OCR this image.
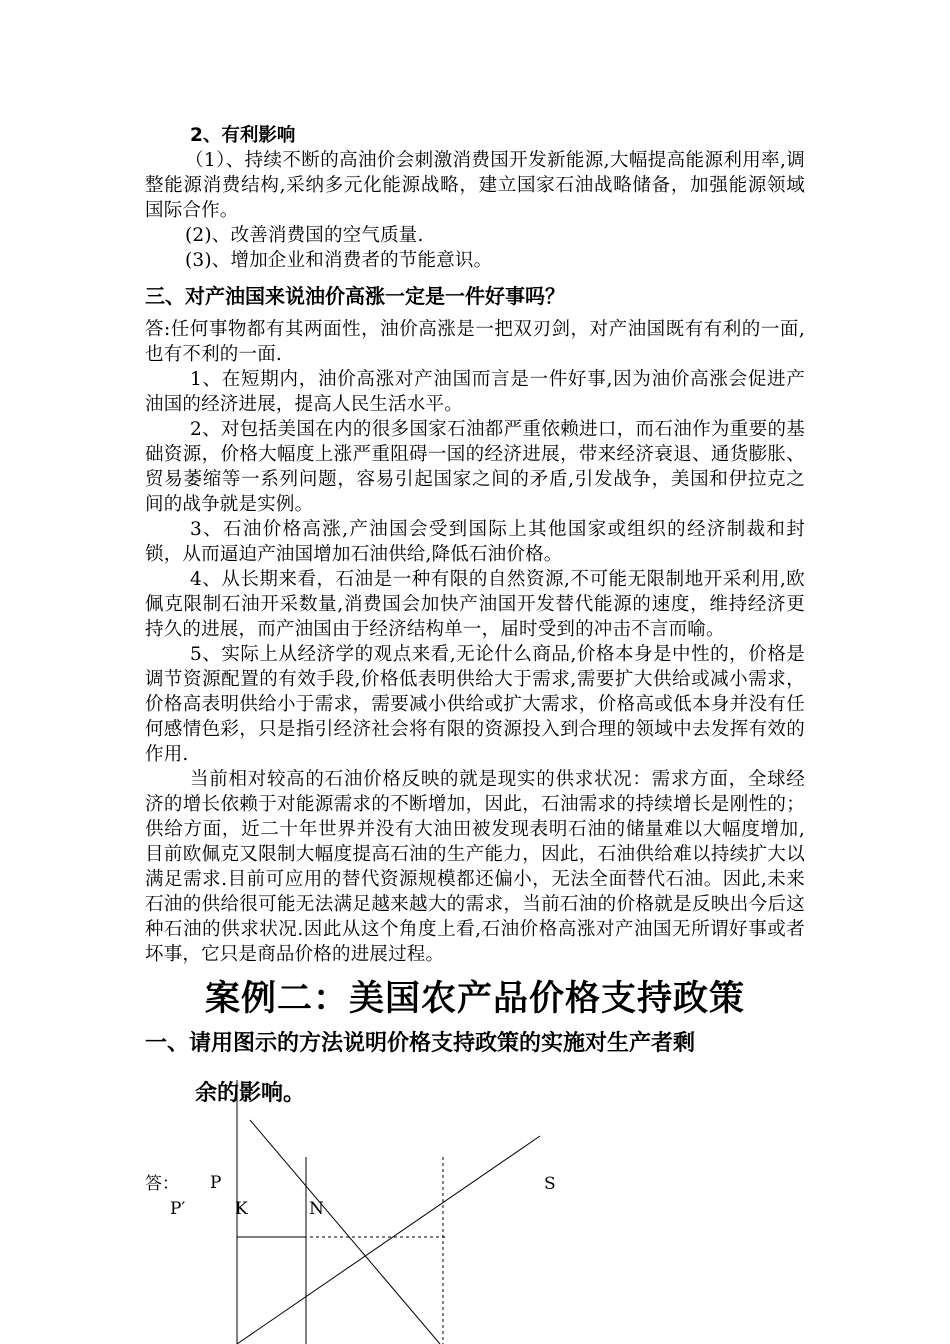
2、有利影响

（1）、持续不断的高油价会刺激消费国开发新能源,大幅提高能源利用率,调整能源消费结构,采纳多元化能源战略，建立国家石油战略储备，加强能源领域国际合作。

(2)、改善消费国的空气质量.

(3)、增加企业和消费者的节能意识。

三、对产油国来说油价高涨一定是一件好事吗？

答:任何事物都有其两面性，油价高涨是一把双刃剑，对产油国既有有利的一面,也有不利的一面.

1、在短期内，油价高涨对产油国而言是一件好事,因为油价高涨会促进产油国的经济进展，提高人民生活水平。

2、对包括美国在内的很多国家石油都严重依赖进口，而石油作为重要的基础资源，价格大幅度上涨严重阻碍一国的经济进展，带来经济衰退、通货膨胀、贸易萎缩等一系列问题，容易引起国家之间的矛盾,引发战争，美国和伊拉克之间的战争就是实例。

3、石油价格高涨,产油国会受到国际上其他国家或组织的经济制裁和封锁，从而逼迫产油国增加石油供给,降低石油价格。

4、从长期来看，石油是一种有限的自然资源,不可能无限制地开采利用,欧佩克限制石油开采数量,消费国会加快产油国开发替代能源的速度，维持经济更持久的进展，而产油国由于经济结构单一，届时受到的冲击不言而喻。

5、实际上从经济学的观点来看,无论什么商品,价格本身是中性的，价格是调节资源配置的有效手段,价格低表明供给大于需求,需要扩大供给或减小需求，价格高表明供给小于需求，需要减小供给或扩大需求，价格高或低本身并没有任何感情色彩，只是指引经济社会将有限的资源投入到合理的领域中去发挥有效的作用.

当前相对较高的石油价格反映的就是现实的供求状况：需求方面，全球经济的增长依赖于对能源需求的不断增加，因此，石油需求的持续增长是刚性的；供给方面，近二十年世界并没有大油田被发现表明石油的储量难以大幅度增加,目前欧佩克又限制大幅度提高石油的生产能力，因此，石油供给难以持续扩大以满足需求.目前可应用的替代资源规模都还偏小，无法全面替代石油。因此,未来石油的供给很可能无法满足越来越大的需求，当前石油的价格就是反映出今后这种石油的供求状况.因此从这个角度上看,石油价格高涨对产油国无所谓好事或者坏事，它只是商品价格的进展过程。

案例二：美国农产品价格支持政策

一、请用图示的方法说明价格支持政策的实施对生产者剩

余的影响。

答： P	S
P′	K	N
